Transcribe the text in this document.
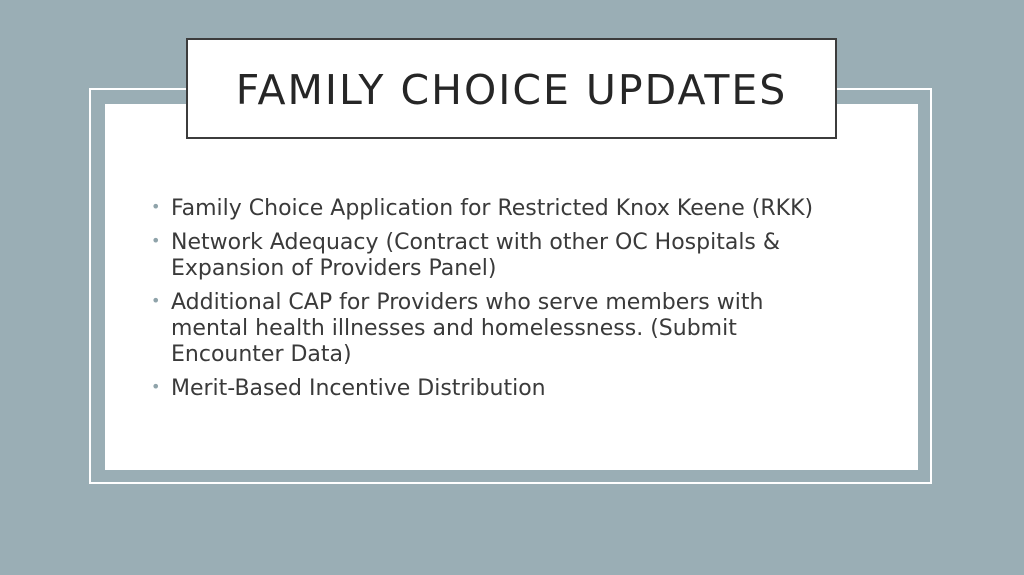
FAMILY CHOICE UPDATES
• Family Choice Application for Restricted Knox Keene (RKK)
• Network Adequacy (Contract with other OC Hospitals & Expansion of Providers Panel)
• Additional CAP for Providers who serve members with mental health illnesses and homelessness. (Submit Encounter Data)
• Merit-Based Incentive Distribution
